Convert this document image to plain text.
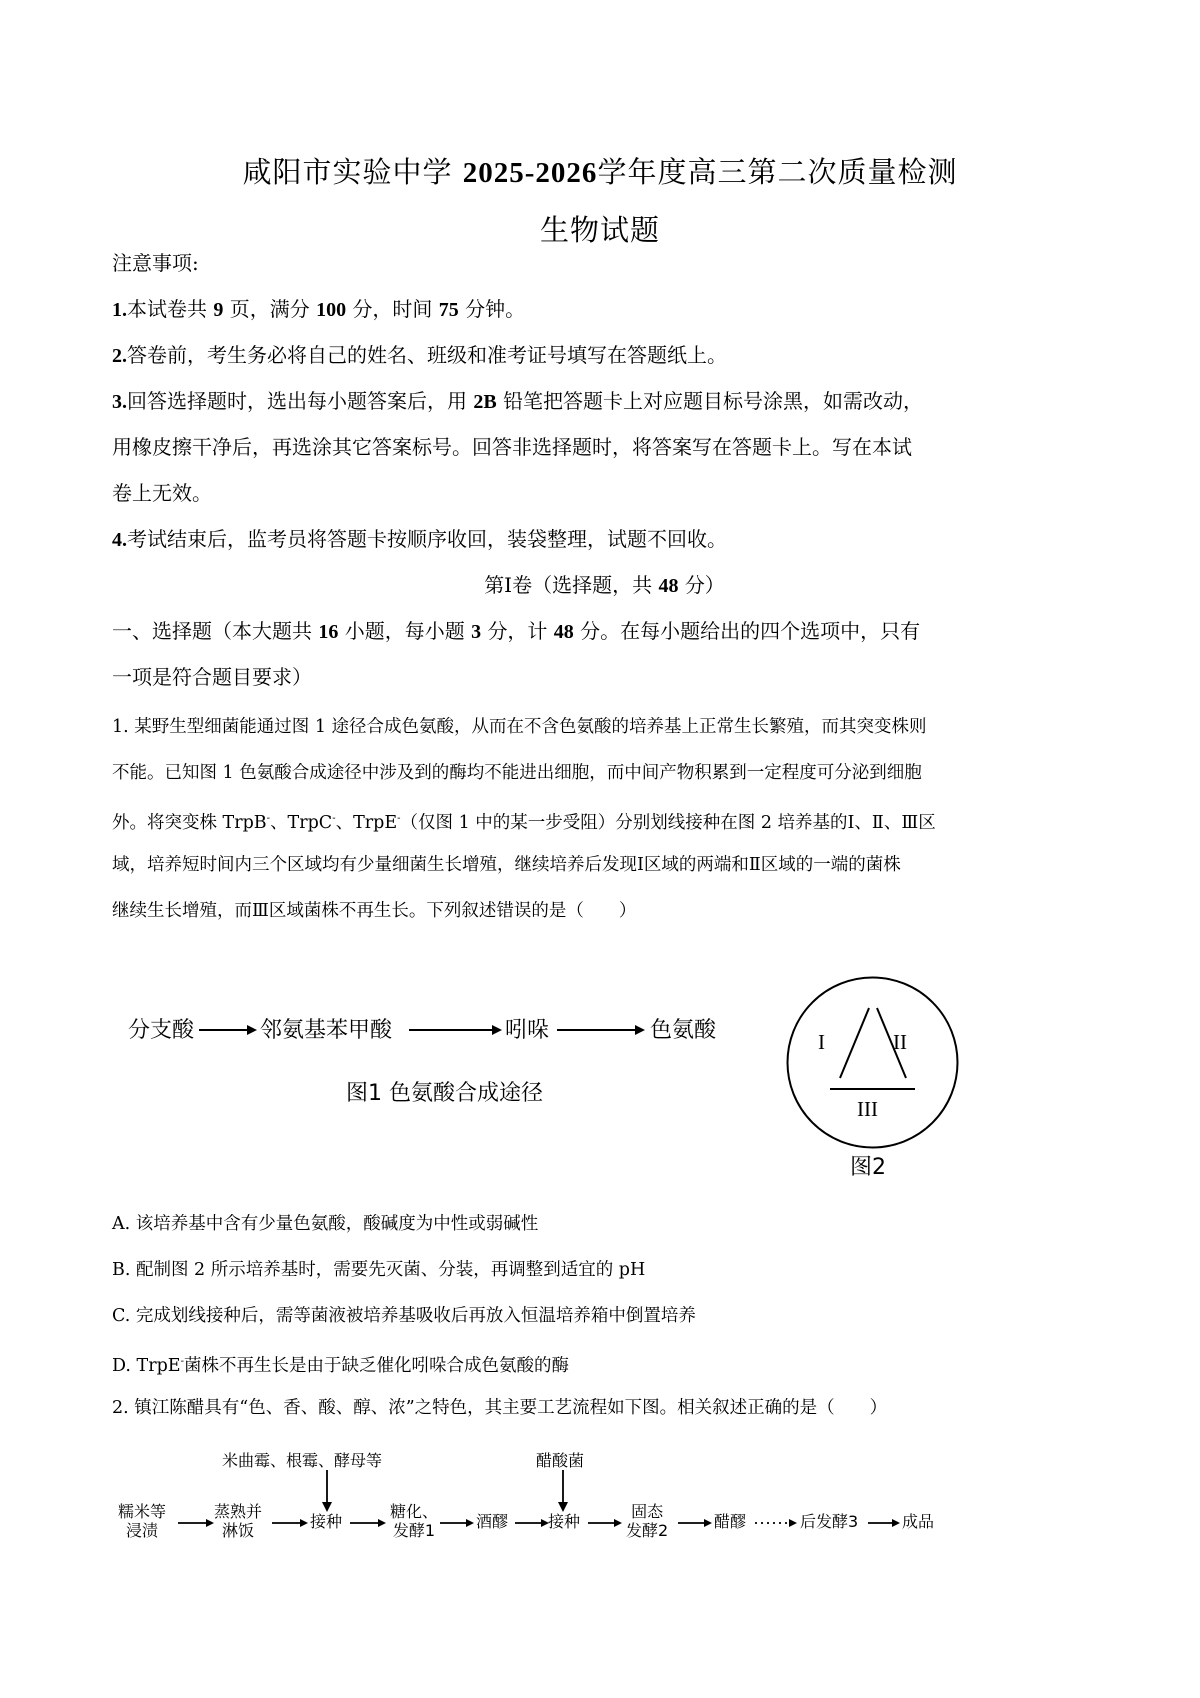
咸阳市实验中学 2025-2026学年度高三第二次质量检测
生物试题
注意事项:
1.本试卷共 9 页，满分 100 分，时间 75 分钟。
2.答卷前，考生务必将自己的姓名、班级和准考证号填写在答题纸上。
3.回答选择题时，选出每小题答案后，用 2B 铅笔把答题卡上对应题目标号涂黑，如需改动，
用橡皮擦干净后，再选涂其它答案标号。回答非选择题时，将答案写在答题卡上。写在本试
卷上无效。
4.考试结束后，监考员将答题卡按顺序收回，装袋整理，试题不回收。
第Ⅰ卷（选择题，共 48 分）
一、选择题（本大题共 16 小题，每小题 3 分，计 48 分。在每小题给出的四个选项中，只有
一项是符合题目要求）
1. 某野生型细菌能通过图 1 途径合成色氨酸，从而在不含色氨酸的培养基上正常生长繁殖，而其突变株则
不能。已知图 1 色氨酸合成途径中涉及到的酶均不能进出细胞，而中间产物积累到一定程度可分泌到细胞
外。将突变株 TrpB-、TrpC-、TrpE-（仅图 1 中的某一步受阻）分别划线接种在图 2 培养基的Ⅰ、Ⅱ、Ⅲ区
域，培养短时间内三个区域均有少量细菌生长增殖，继续培养后发现Ⅰ区域的两端和Ⅱ区域的一端的菌株
继续生长增殖，而Ⅲ区域菌株不再生长。下列叙述错误的是（　　）
分支酸	邻氨基苯甲酸	吲哚	色氨酸
图1 色氨酸合成途径
I	II
III
图2
A. 该培养基中含有少量色氨酸，酸碱度为中性或弱碱性
B. 配制图 2 所示培养基时，需要先灭菌、分装，再调整到适宜的 pH
C. 完成划线接种后，需等菌液被培养基吸收后再放入恒温培养箱中倒置培养
D. TrpE-菌株不再生长是由于缺乏催化吲哚合成色氨酸的酶
2. 镇江陈醋具有“色、香、酸、醇、浓”之特色，其主要工艺流程如下图。相关叙述正确的是（　　）
米曲霉、根霉、酵母等	醋酸菌
糯米等
浸渍
蒸熟并
淋饭	接种
糖化、
发酵1	酒醪 接种
固态
发酵2	醋醪	后发酵3	成品
